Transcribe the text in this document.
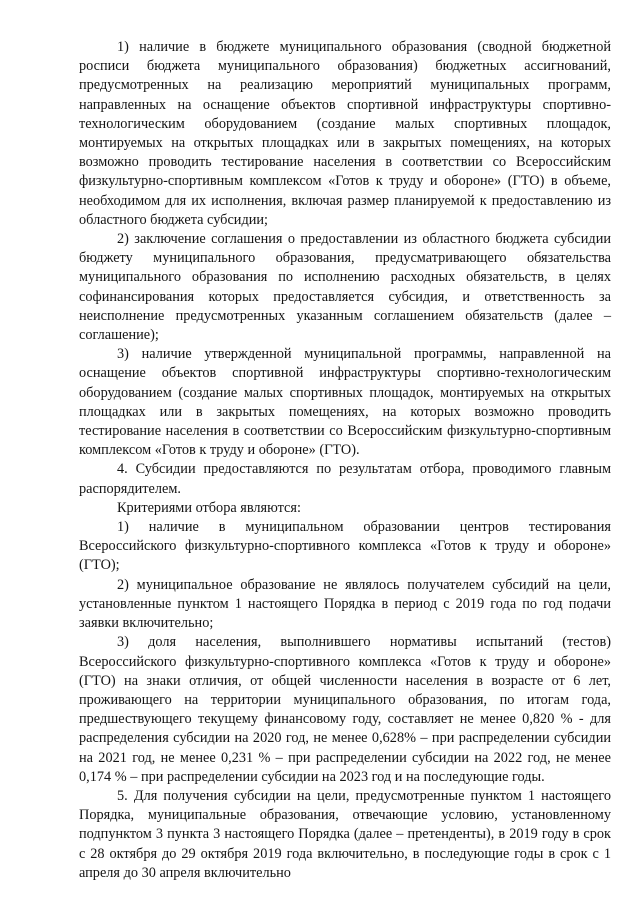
1) наличие в бюджете муниципального образования (сводной бюджетной росписи бюджета муниципального образования) бюджетных ассигнований, предусмотренных на реализацию мероприятий муниципальных программ, направленных на оснащение объектов спортивной инфраструктуры спортивно-технологическим оборудованием (создание малых спортивных площадок, монтируемых на открытых площадках или в закрытых помещениях, на которых возможно проводить тестирование населения в соответствии со Всероссийским физкультурно-спортивным комплексом «Готов к труду и обороне» (ГТО) в объеме, необходимом для их исполнения, включая размер планируемой к предоставлению из областного бюджета субсидии;

2) заключение соглашения о предоставлении из областного бюджета субсидии бюджету муниципального образования, предусматривающего обязательства муниципального образования по исполнению расходных обязательств, в целях софинансирования которых предоставляется субсидия, и ответственность за неисполнение предусмотренных указанным соглашением обязательств (далее – соглашение);

3) наличие утвержденной муниципальной программы, направленной на оснащение объектов спортивной инфраструктуры спортивно-технологическим оборудованием (создание малых спортивных площадок, монтируемых на открытых площадках или в закрытых помещениях, на которых возможно проводить тестирование населения в соответствии со Всероссийским физкультурно-спортивным комплексом «Готов к труду и обороне» (ГТО).

4. Субсидии предоставляются по результатам отбора, проводимого главным распорядителем.

Критериями отбора являются:

1) наличие в муниципальном образовании центров тестирования Всероссийского физкультурно-спортивного комплекса «Готов к труду и обороне» (ГТО);

2) муниципальное образование не являлось получателем субсидий на цели, установленные пунктом 1 настоящего Порядка в период с 2019 года по год подачи заявки включительно;

3) доля населения, выполнившего нормативы испытаний (тестов) Всероссийского физкультурно-спортивного комплекса «Готов к труду и обороне» (ГТО) на знаки отличия, от общей численности населения в возрасте от 6 лет, проживающего на территории муниципального образования, по итогам года, предшествующего текущему финансовому году, составляет не менее 0,820 % - для распределения субсидии на 2020 год, не менее 0,628% – при распределении субсидии на 2021 год, не менее 0,231 % – при распределении субсидии на 2022 год, не менее 0,174 % – при распределении субсидии на 2023 год и на последующие годы.

5. Для получения субсидии на цели, предусмотренные пунктом 1 настоящего Порядка, муниципальные образования, отвечающие условию, установленному подпунктом 3 пункта 3 настоящего Порядка (далее – претенденты), в 2019 году в срок с 28 октября до 29 октября 2019 года включительно, в последующие годы в срок с 1 апреля до 30 апреля включительно
